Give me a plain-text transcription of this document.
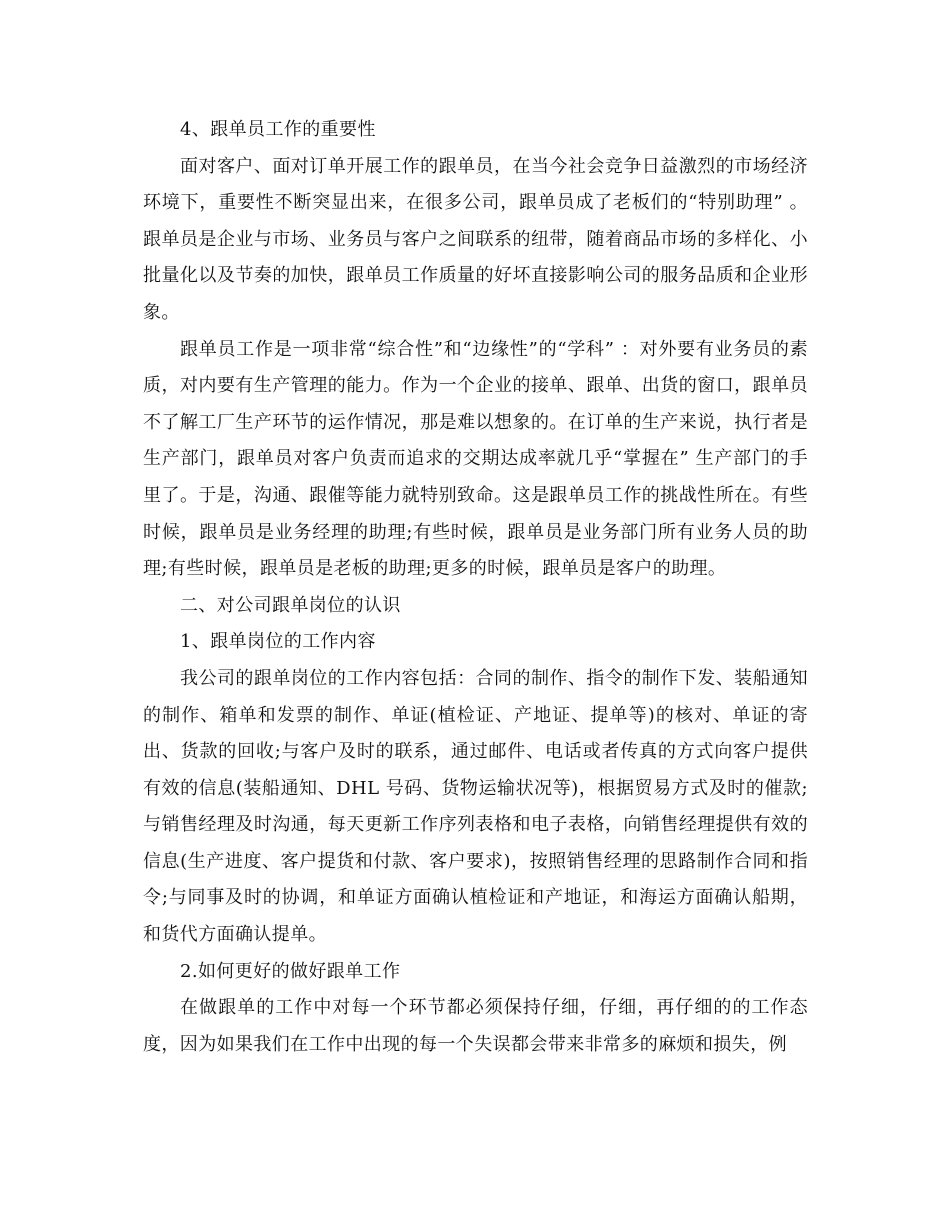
4、跟单员工作的重要性

面对客户、面对订单开展工作的跟单员，在当今社会竞争日益激烈的市场经济环境下，重要性不断突显出来，在很多公司，跟单员成了老板们的“特别助理” 。跟单员是企业与市场、业务员与客户之间联系的纽带，随着商品市场的多样化、小批量化以及节奏的加快，跟单员工作质量的好坏直接影响公司的服务品质和企业形象。

跟单员工作是一项非常“综合性”和“边缘性”的“学科” ：对外要有业务员的素质，对内要有生产管理的能力。作为一个企业的接单、跟单、出货的窗口，跟单员不了解工厂生产环节的运作情况，那是难以想象的。在订单的生产来说，执行者是生产部门，跟单员对客户负责而追求的交期达成率就几乎“掌握在” 生产部门的手里了。于是，沟通、跟催等能力就特别致命。这是跟单员工作的挑战性所在。有些时候，跟单员是业务经理的助理;有些时候，跟单员是业务部门所有业务人员的助理;有些时候，跟单员是老板的助理;更多的时候，跟单员是客户的助理。

二、对公司跟单岗位的认识

1、跟单岗位的工作内容

我公司的跟单岗位的工作内容包括：合同的制作、指令的制作下发、装船通知的制作、箱单和发票的制作、单证(植检证、产地证、提单等)的核对、单证的寄出、货款的回收;与客户及时的联系，通过邮件、电话或者传真的方式向客户提供有效的信息(装船通知、DHL 号码、货物运输状况等)，根据贸易方式及时的催款;与销售经理及时沟通，每天更新工作序列表格和电子表格，向销售经理提供有效的信息(生产进度、客户提货和付款、客户要求)，按照销售经理的思路制作合同和指令;与同事及时的协调，和单证方面确认植检证和产地证，和海运方面确认船期，和货代方面确认提单。

2.如何更好的做好跟单工作

在做跟单的工作中对每一个环节都必须保持仔细，仔细，再仔细的的工作态度，因为如果我们在工作中出现的每一个失误都会带来非常多的麻烦和损失，例
